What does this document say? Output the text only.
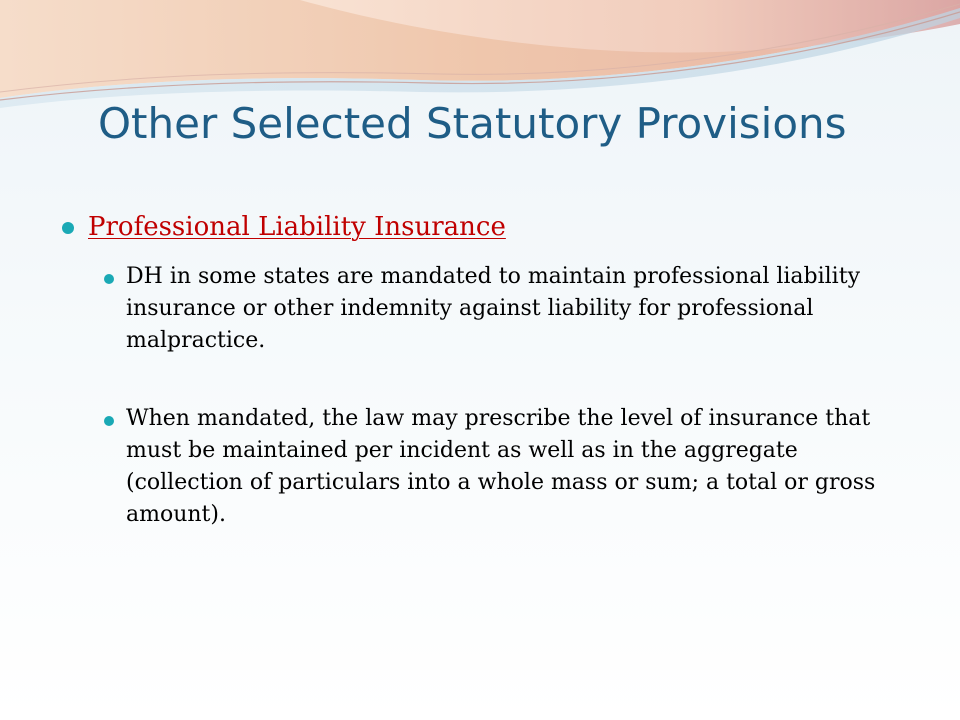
Other Selected Statutory Provisions
Professional Liability Insurance
DH in some states are mandated to maintain professional liability insurance or other indemnity against liability for professional malpractice.
When mandated, the law may prescribe the level of insurance that must be maintained per incident as well as in the aggregate (collection of particulars into a whole mass or sum; a total or gross amount).
